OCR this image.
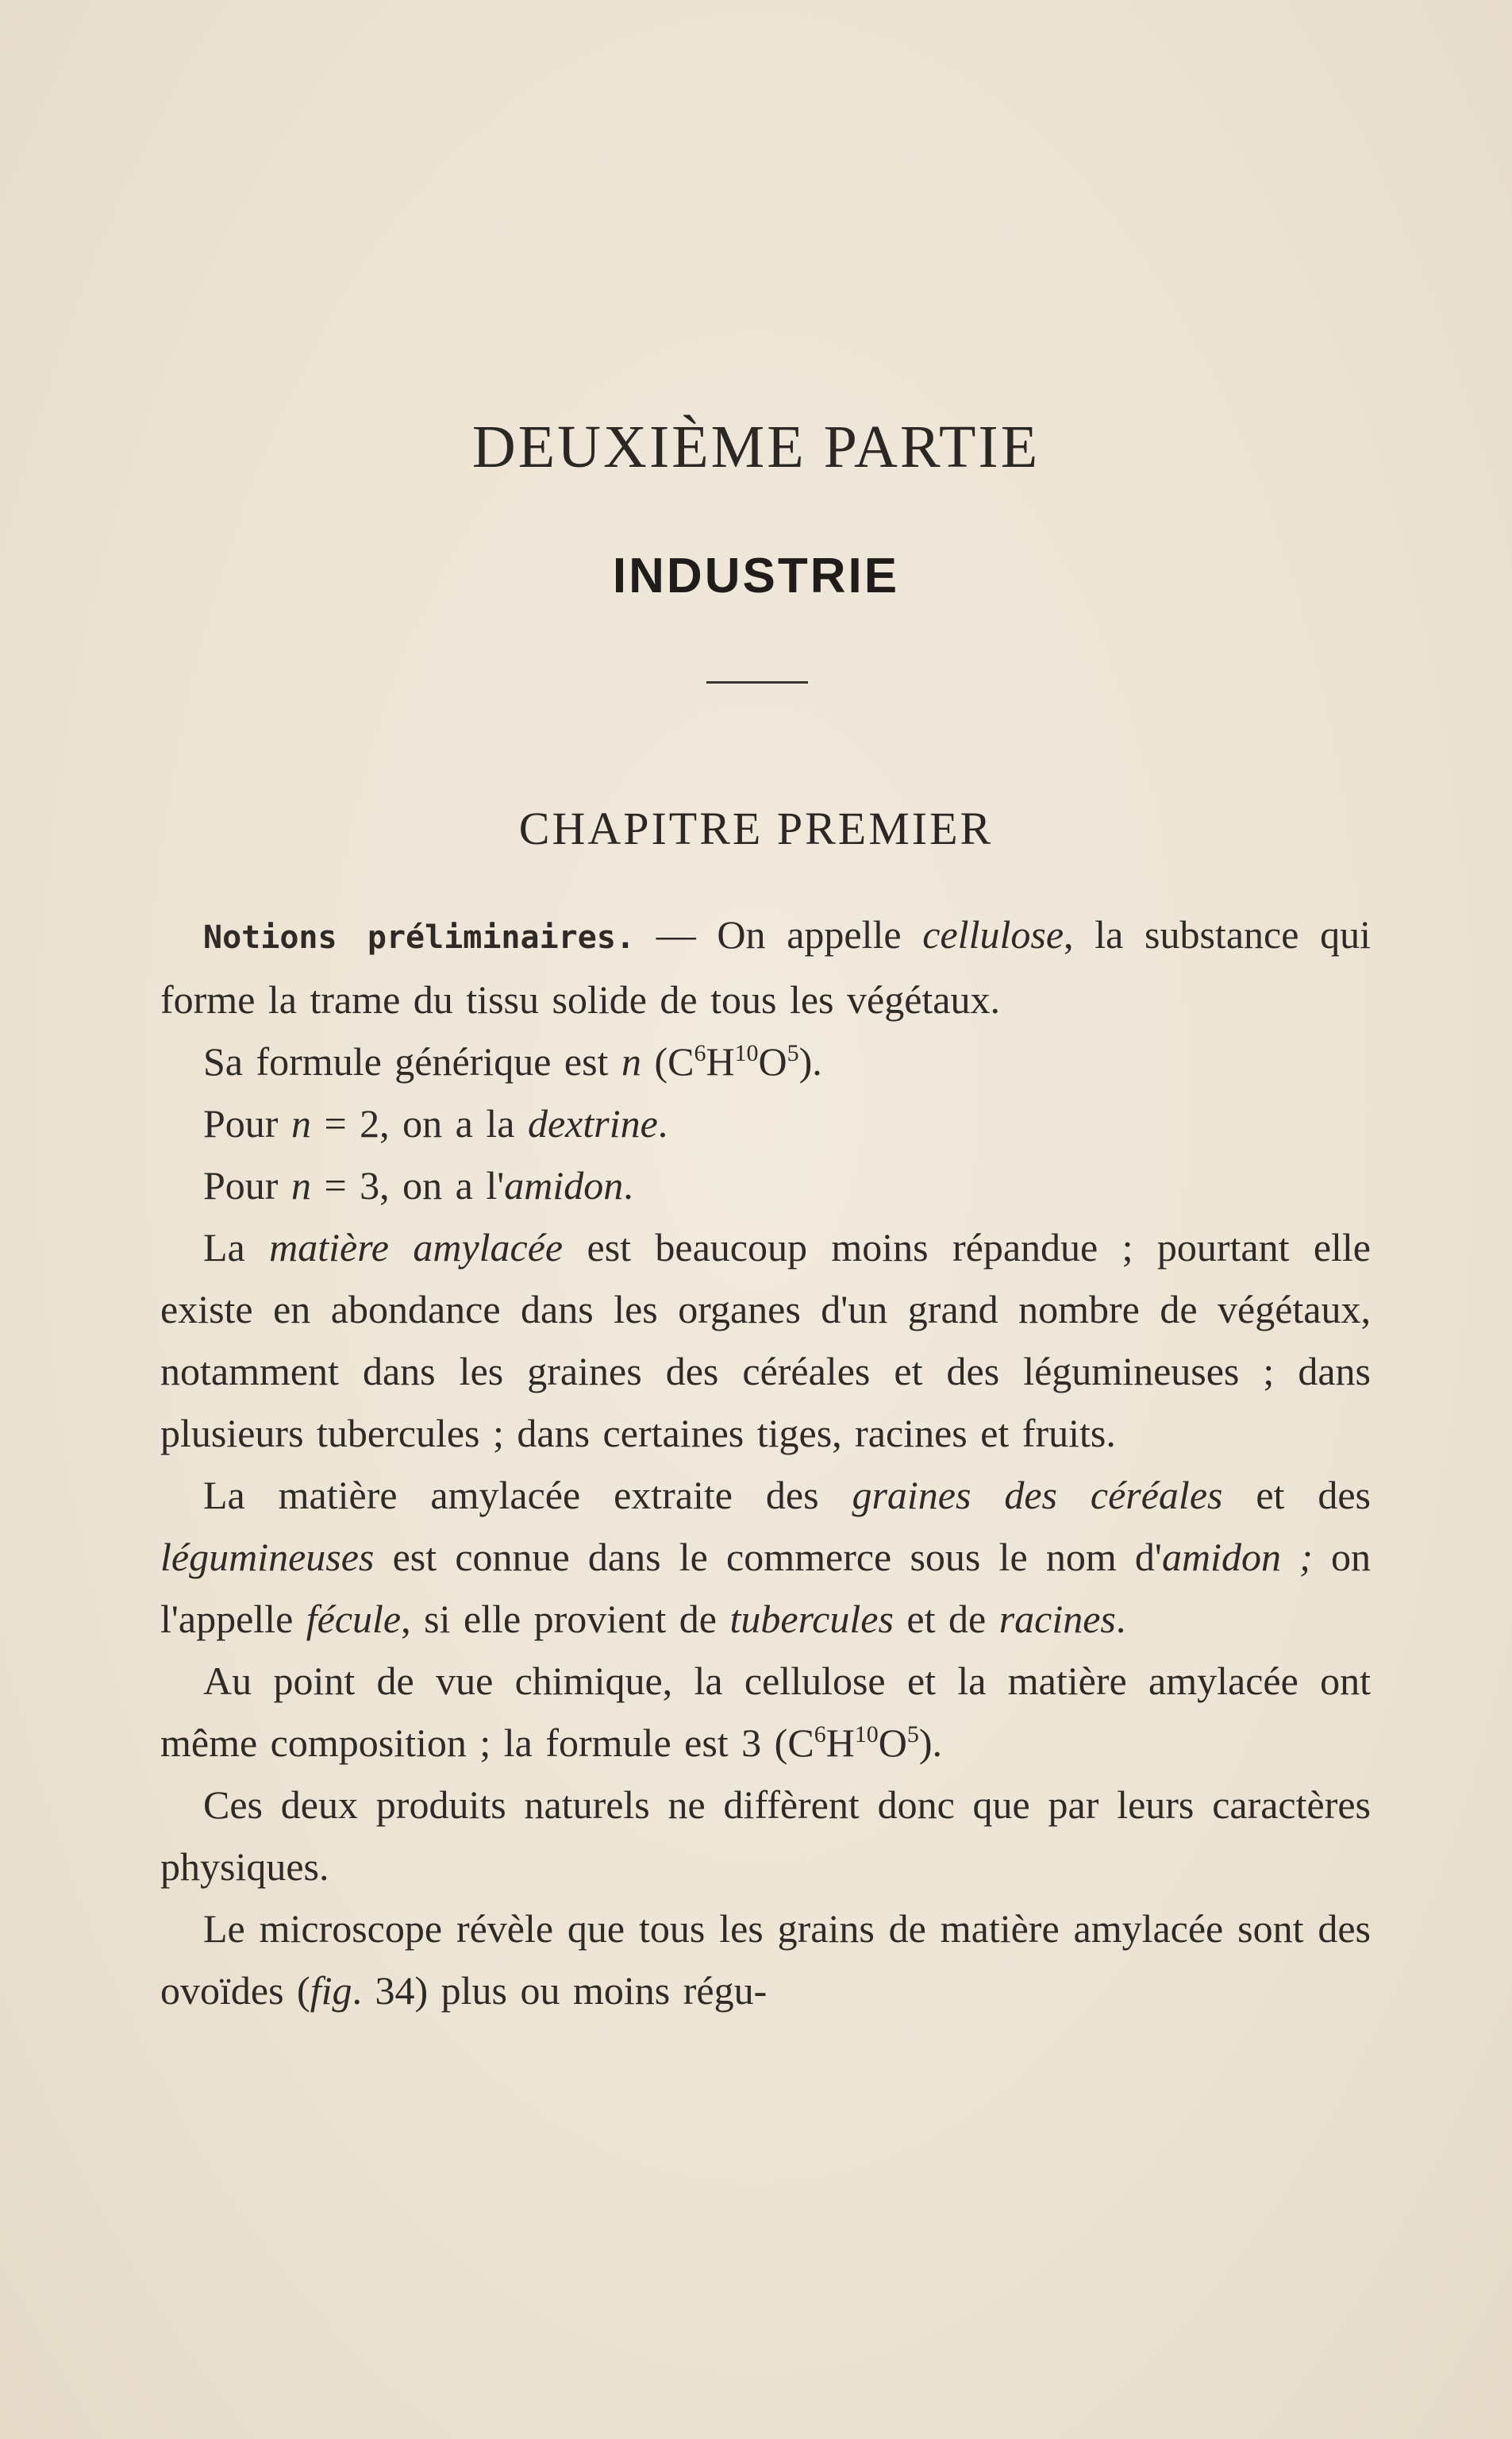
DEUXIÈME PARTIE
INDUSTRIE
CHAPITRE PREMIER

Notions préliminaires. — On appelle cellulose, la substance qui forme la trame du tissu solide de tous les végétaux.

Sa formule générique est n $(C^6H^{10}O^5)$.

Pour n = 2, on a la dextrine.

Pour n = 3, on a l'amidon.

La matière amylacée est beaucoup moins répandue ; pourtant elle existe en abondance dans les organes d'un grand nombre de végétaux, notamment dans les graines des céréales et des légumineuses ; dans plusieurs tubercules ; dans certaines tiges, racines et fruits.

La matière amylacée extraite des graines des céréales et des légumineuses est connue dans le commerce sous le nom d'amidon ; on l'appelle fécule, si elle provient de tubercules et de racines.

Au point de vue chimique, la cellulose et la matière amylacée ont même composition ; la formule est 3 $(C^6H^{10}O^5)$.

Ces deux produits naturels ne diffèrent donc que par leurs caractères physiques.

Le microscope révèle que tous les grains de matière amylacée sont des ovoïdes (fig. 34) plus ou moins régu-
